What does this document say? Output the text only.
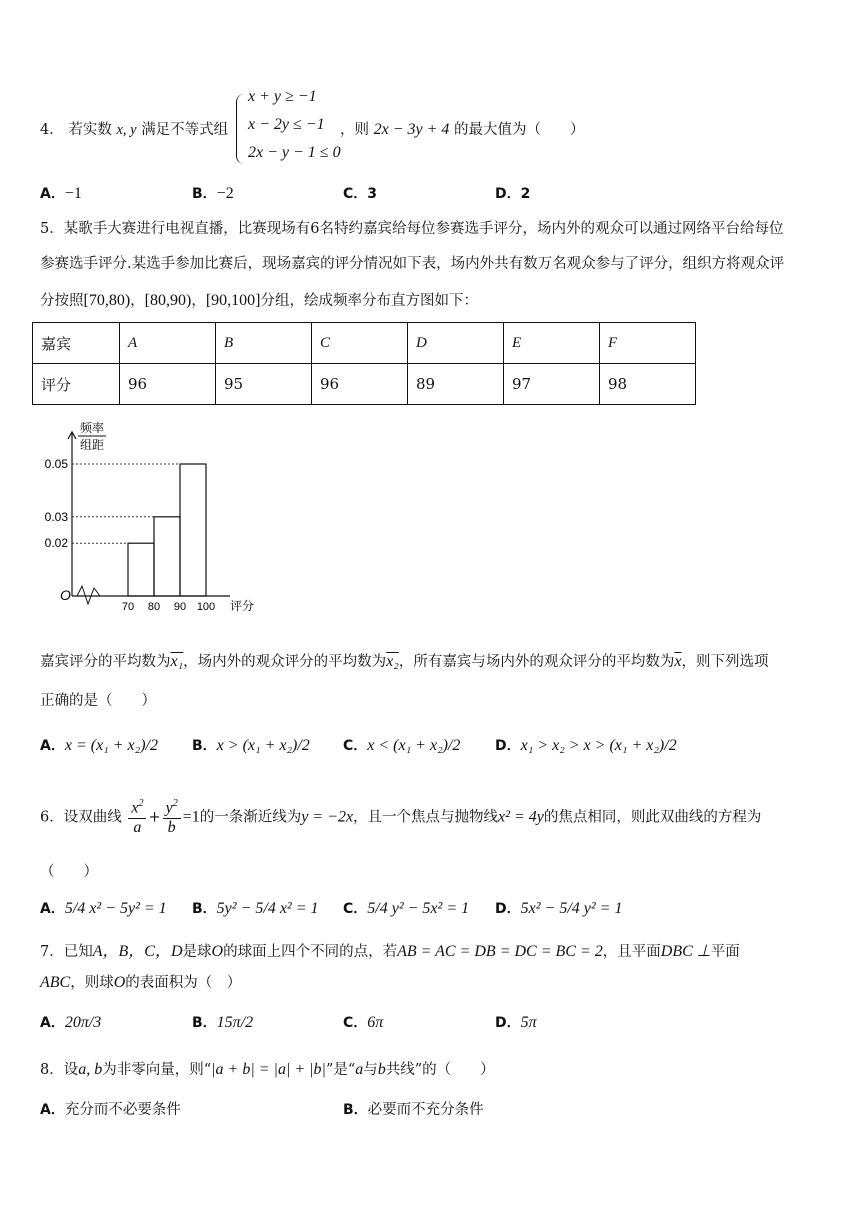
4． 若实数 x, y 满足不等式组
x + y ≥ −1
x − 2y ≤ −1
2x − y − 1 ≤ 0
，则 2x − 3y + 4 的最大值为（　　）
A．−1	B．−2	C．3	D．2
5．某歌手大赛进行电视直播，比赛现场有6名特约嘉宾给每位参赛选手评分，场内外的观众可以通过网络平台给每位
参赛选手评分.某选手参加比赛后，现场嘉宾的评分情况如下表，场内外共有数万名观众参与了评分，组织方将观众评
分按照[70,80)，[80,90)，[90,100]分组，绘成频率分布直方图如下：
嘉宾	A	B	C	D	E	F
评分	96	95	96	89	97	98
0.05
0.03
0.02
70 80 90 100
频率
组距
评分
O
嘉宾评分的平均数为x₁，场内外的观众评分的平均数为x₂，所有嘉宾与场内外的观众评分的平均数为$\overline{x}$，则下列选项
正确的是（　　）
A．x = (x₁ + x₂)/2 B．x > (x₁ + x₂)/2 C．x < (x₁ + x₂)/2 D．x₁ > x₂ > x > (x₁ + x₂)/2
6．设双曲线 $\frac{x^2}{a} + \frac{y^2}{b} =1$的一条渐近线为y = −2x，且一个焦点与抛物线x² = 4y的焦点相同，则此双曲线的方程为
（　　）
A．5/4 x² − 5y² = 1 B．5y² − 5/4 x² = 1 C．5/4 y² − 5x² = 1 D．5x² − 5/4 y² = 1
7．已知A，B，C，D是球O的球面上四个不同的点，若AB = AC = DB = DC = BC = 2，且平面DBC ⊥平面
ABC，则球O的表面积为（　）
A．20π/3	B．15π/2	C．6π	D．5π
8．设a, b为非零向量，则“|a + b| = |a| + |b|”是“a与b共线”的（　　）
A．充分而不必要条件	B．必要而不充分条件
